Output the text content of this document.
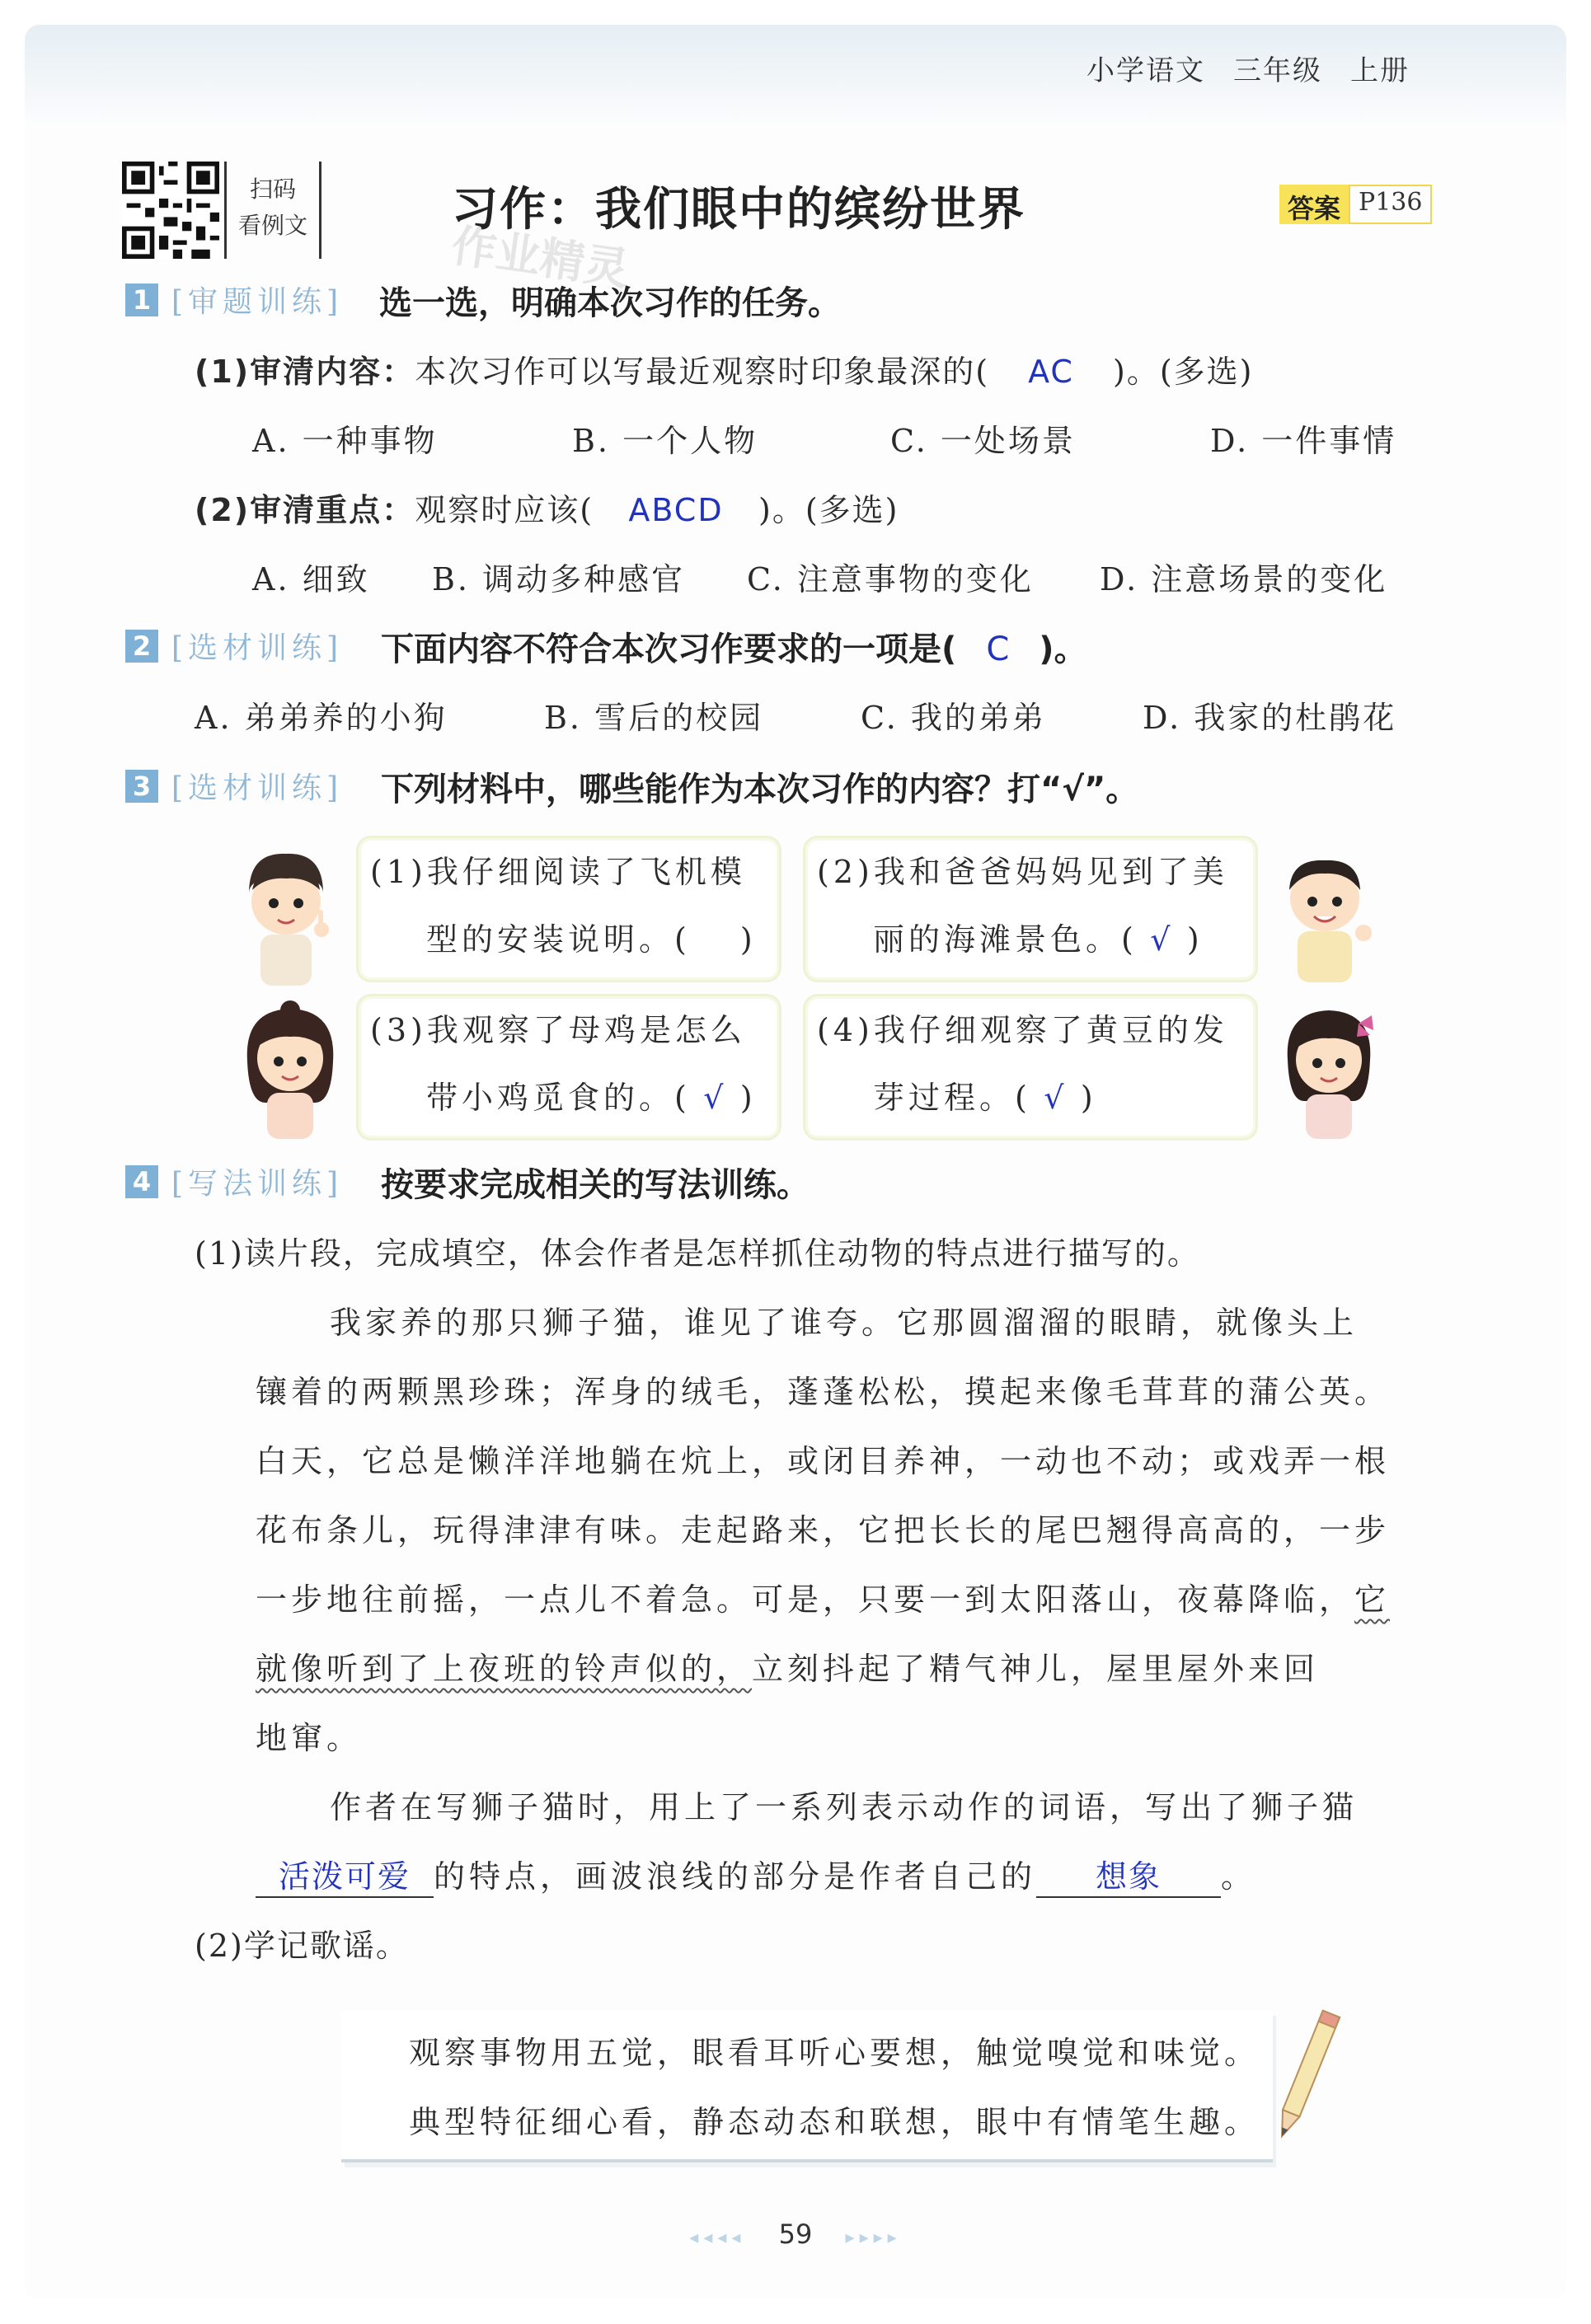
小学语文 三年级 上册
扫码
看例文	习作：我们眼中的缤纷世界
作业精灵
答案 P136
1 [审题训练] 选一选，明确本次习作的任务。
(1)审清内容：本次习作可以写最近观察时印象最深的( AC )。(多选)
A. 一种事物	B. 一个人物	C. 一处场景	D. 一件事情
(2)审清重点：观察时应该( ABCD )。(多选)
A. 细致 B. 调动多种感官 C. 注意事物的变化 D. 注意场景的变化
2 [选材训练] 下面内容不符合本次习作要求的一项是( C )。
A. 弟弟养的小狗	B. 雪后的校园	C. 我的弟弟	D. 我家的杜鹃花
3 [选材训练] 下列材料中，哪些能作为本次习作的内容？打“√”。
(1)我仔细阅读了飞机模
型的安装说明。( )
(2)我和爸爸妈妈见到了美
丽的海滩景色。( √ )
(3)我观察了母鸡是怎么
带小鸡觅食的。( √ )
(4)我仔细观察了黄豆的发
芽过程。( √ )
4 [写法训练] 按要求完成相关的写法训练。
(1)读片段，完成填空，体会作者是怎样抓住动物的特点进行描写的。
我家养的那只狮子猫，谁见了谁夸。它那圆溜溜的眼睛，就像头上
镶着的两颗黑珍珠；浑身的绒毛，蓬蓬松松，摸起来像毛茸茸的蒲公英。
白天，它总是懒洋洋地躺在炕上，或闭目养神，一动也不动；或戏弄一根
花布条儿，玩得津津有味。走起路来，它把长长的尾巴翘得高高的，一步
一步地往前摇，一点儿不着急。可是，只要一到太阳落山，夜幕降临，它
就像听到了上夜班的铃声似的，立刻抖起了精气神儿，屋里屋外来回
地窜。
作者在写狮子猫时，用上了一系列表示动作的词语，写出了狮子猫
活泼可爱 的特点，画波浪线的部分是作者自己的 想象 。
(2)学记歌谣。
观察事物用五觉，眼看耳听心要想，触觉嗅觉和味觉。
典型特征细心看，静态动态和联想，眼中有情笔生趣。
◂◂◂◂ 59 ▸▸▸▸
